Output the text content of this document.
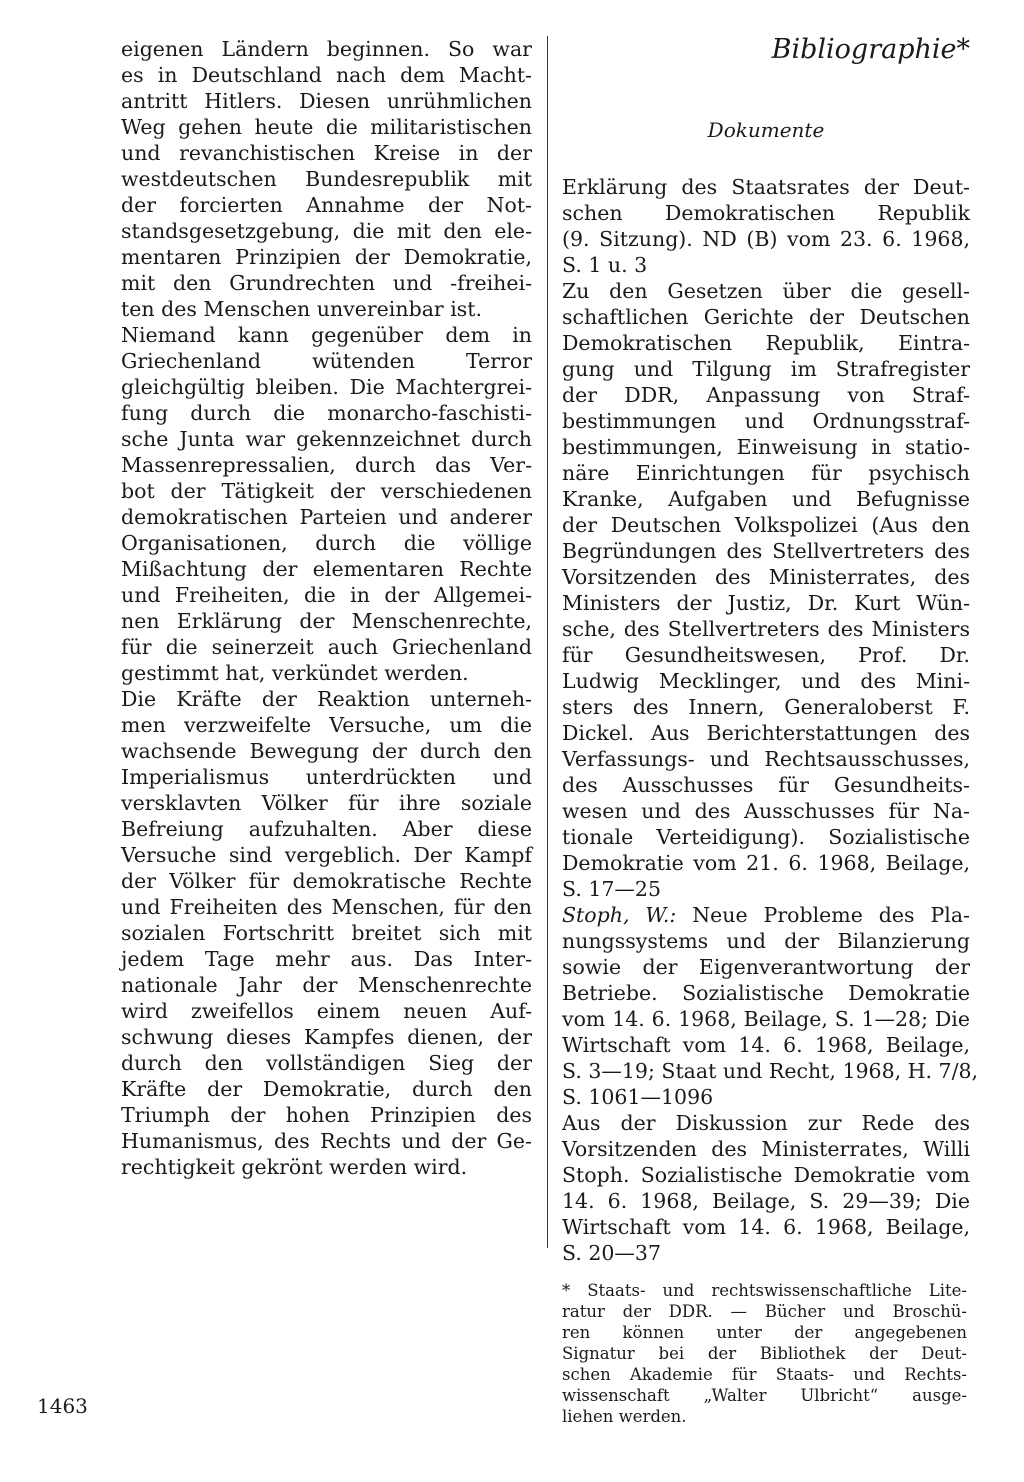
eigenen Ländern beginnen. So war
es in Deutschland nach dem Macht-
antritt Hitlers. Diesen unrühmlichen
Weg gehen heute die militaristischen
und revanchistischen Kreise in der
westdeutschen Bundesrepublik mit
der forcierten Annahme der Not-
standsgesetzgebung, die mit den ele-
mentaren Prinzipien der Demokratie,
mit den Grundrechten und -freihei-
ten des Menschen unvereinbar ist.
Niemand kann gegenüber dem in
Griechenland wütenden Terror
gleichgültig bleiben. Die Machtergrei-
fung durch die monarcho-faschisti-
sche Junta war gekennzeichnet durch
Massenrepressalien, durch das Ver-
bot der Tätigkeit der verschiedenen
demokratischen Parteien und anderer
Organisationen, durch die völlige
Mißachtung der elementaren Rechte
und Freiheiten, die in der Allgemei-
nen Erklärung der Menschenrechte,
für die seinerzeit auch Griechenland
gestimmt hat, verkündet werden.
Die Kräfte der Reaktion unterneh-
men verzweifelte Versuche, um die
wachsende Bewegung der durch den
Imperialismus unterdrückten und
versklavten Völker für ihre soziale
Befreiung aufzuhalten. Aber diese
Versuche sind vergeblich. Der Kampf
der Völker für demokratische Rechte
und Freiheiten des Menschen, für den
sozialen Fortschritt breitet sich mit
jedem Tage mehr aus. Das Inter-
nationale Jahr der Menschenrechte
wird zweifellos einem neuen Auf-
schwung dieses Kampfes dienen, der
durch den vollständigen Sieg der
Kräfte der Demokratie, durch den
Triumph der hohen Prinzipien des
Humanismus, des Rechts und der Ge-
rechtigkeit gekrönt werden wird.
Bibliographie*
Dokumente
Erklärung des Staatsrates der Deut-
schen Demokratischen Republik
(9. Sitzung). ND (B) vom 23. 6. 1968,
S. 1 u. 3
Zu den Gesetzen über die gesell-
schaftlichen Gerichte der Deutschen
Demokratischen Republik, Eintra-
gung und Tilgung im Strafregister
der DDR, Anpassung von Straf-
bestimmungen und Ordnungsstraf-
bestimmungen, Einweisung in statio-
näre Einrichtungen für psychisch
Kranke, Aufgaben und Befugnisse
der Deutschen Volkspolizei (Aus den
Begründungen des Stellvertreters des
Vorsitzenden des Ministerrates, des
Ministers der Justiz, Dr. Kurt Wün-
sche, des Stellvertreters des Ministers
für Gesundheitswesen, Prof. Dr.
Ludwig Mecklinger, und des Mini-
sters des Innern, Generaloberst F.
Dickel. Aus Berichterstattungen des
Verfassungs- und Rechtsausschusses,
des Ausschusses für Gesundheits-
wesen und des Ausschusses für Na-
tionale Verteidigung). Sozialistische
Demokratie vom 21. 6. 1968, Beilage,
S. 17—25
Stoph, W.: Neue Probleme des Pla-
nungssystems und der Bilanzierung
sowie der Eigenverantwortung der
Betriebe. Sozialistische Demokratie
vom 14. 6. 1968, Beilage, S. 1—28; Die
Wirtschaft vom 14. 6. 1968, Beilage,
S. 3—19; Staat und Recht, 1968, H. 7/8,
S. 1061—1096
Aus der Diskussion zur Rede des
Vorsitzenden des Ministerrates, Willi
Stoph. Sozialistische Demokratie vom
14. 6. 1968, Beilage, S. 29—39; Die
Wirtschaft vom 14. 6. 1968, Beilage,
S. 20—37
* Staats- und rechtswissenschaftliche Lite-
ratur der DDR. — Bücher und Broschü-
ren können unter der angegebenen
Signatur bei der Bibliothek der Deut-
schen Akademie für Staats- und Rechts-
wissenschaft „Walter Ulbricht“ ausge-
liehen werden.
1463
